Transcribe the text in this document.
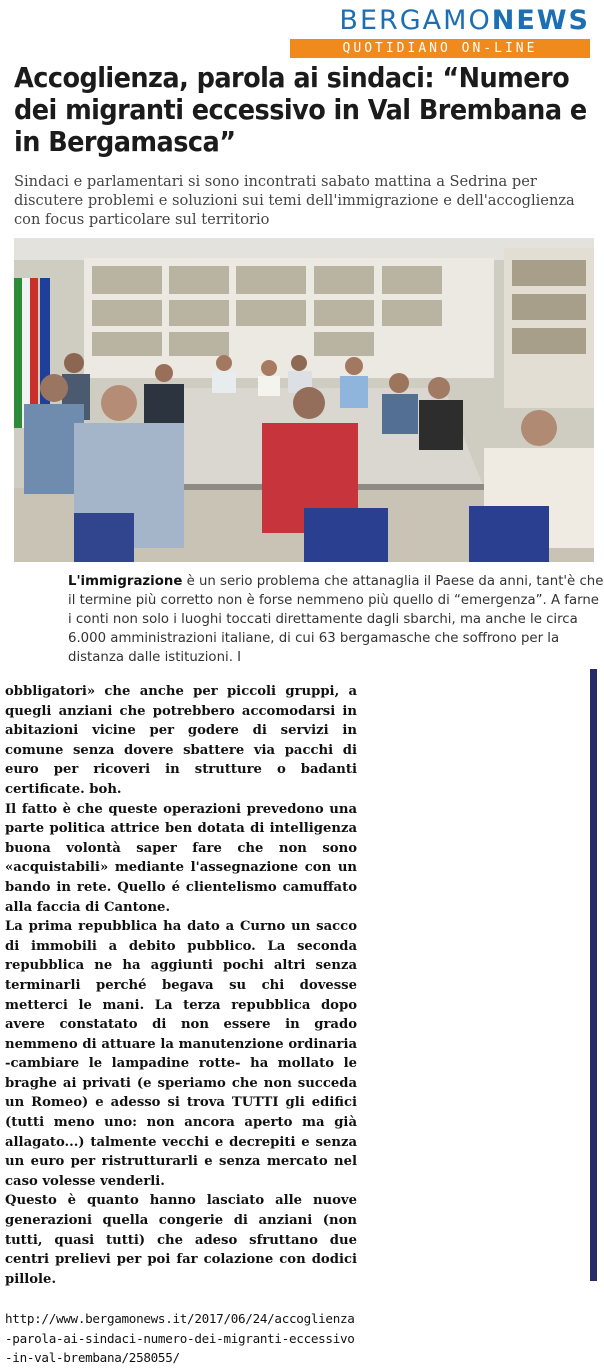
BERGAMONEWS
QUOTIDIANO ON-LINE
Accoglienza, parola ai sindaci: “Numero dei migranti eccessivo in Val Brembana e in Bergamasca”

Sindaci e parlamentari si sono incontrati sabato mattina a Sedrina per discutere problemi e soluzioni sui temi dell'immigrazione e dell'accoglienza con focus particolare sul territorio

L'immigrazione è un serio problema che attanaglia il Paese da anni, tant'è che il termine più corretto non è forse nemmeno più quello di “emergenza”. A farne i conti non solo i luoghi toccati direttamente dagli sbarchi, ma anche le circa 6.000 amministrazioni italiane, di cui 63 bergamasche che soffrono per la distanza dalle istituzioni. I

obbligatori» che anche per piccoli gruppi, a quegli anziani che potrebbero accomodarsi in abitazioni vicine per godere di servizi in comune senza dovere sbattere via pacchi di euro per ricoveri in strutture o badanti certificate. boh.

Il fatto è che queste operazioni prevedono una parte politica attrice ben dotata di intelligenza buona volontà saper fare che non sono «acquistabili» mediante l'assegnazione con un bando in rete. Quello é clientelismo camuffato alla faccia di Cantone.

La prima repubblica ha dato a Curno un sacco di immobili a debito pubblico. La seconda repubblica ne ha aggiunti pochi altri senza terminarli perché begava su chi dovesse metterci le mani. La terza repubblica dopo avere constatato di non essere in grado nemmeno di attuare la manutenzione ordinaria -cambiare le lampadine rotte- ha mollato le braghe ai privati (e speriamo che non succeda un Romeo) e adesso si trova TUTTI gli edifici (tutti meno uno: non ancora aperto ma già allagato...) talmente vecchi e decrepiti e senza un euro per ristrutturarli e senza mercato nel caso volesse venderli.

Questo è quanto hanno lasciato alle nuove generazioni quella congerie di anziani (non tutti, quasi tutti) che adeso sfruttano due centri prelievi per poi far colazione con dodici pillole.

http://www.bergamonews.it/2017/06/24/accoglienza-parola-ai-sindaci-numero-dei-migranti-eccessivo-in-val-brembana/258055/
